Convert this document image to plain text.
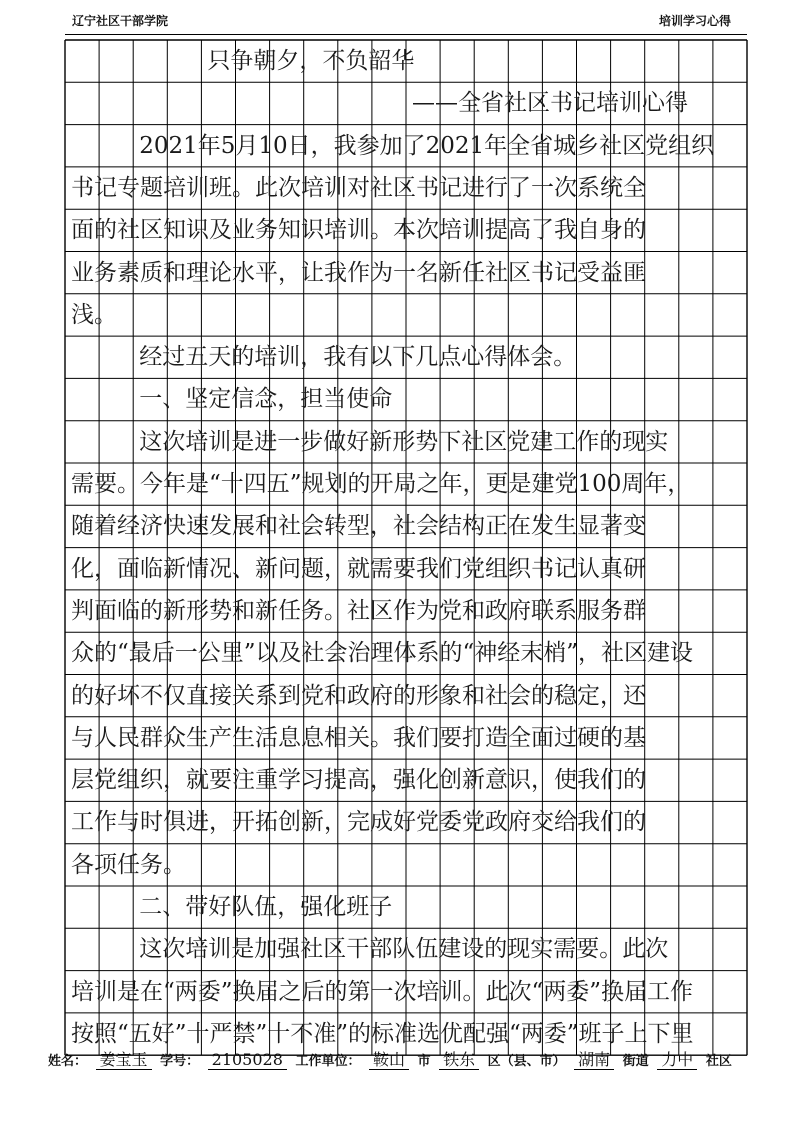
辽宁社区干部学院	培训学习心得
只争朝夕，不负韶华
——全省社区书记培训心得
2021年5月10日，我参加了2021年全省城乡社区党组织
书记专题培训班。此次培训对社区书记进行了一次系统全
面的社区知识及业务知识培训。本次培训提高了我自身的
业务素质和理论水平，让我作为一名新任社区书记受益匪
浅。
经过五天的培训，我有以下几点心得体会。
一、坚定信念，担当使命
这次培训是进一步做好新形势下社区党建工作的现实
需要。今年是“十四五”规划的开局之年，更是建党100周年，
随着经济快速发展和社会转型，社会结构正在发生显著变
化，面临新情况、新问题，就需要我们党组织书记认真研
判面临的新形势和新任务。社区作为党和政府联系服务群
众的“最后一公里”以及社会治理体系的“神经末梢”，社区建设
的好坏不仅直接关系到党和政府的形象和社会的稳定，还
与人民群众生产生活息息相关。我们要打造全面过硬的基
层党组织，就要注重学习提高，强化创新意识，使我们的
工作与时俱进，开拓创新，完成好党委党政府交给我们的
各项任务。
二、带好队伍，强化班子
这次培训是加强社区干部队伍建设的现实需要。此次
培训是在“两委”换届之后的第一次培训。此次“两委”换届工作
按照“五好”十严禁”十不准”的标准选优配强“两委”班子上下里
姓名： 姜宝玉 学号： 2105028 工作单位： 鞍山 市 铁东 区（县、市） 湖南 街道 力中 社区
